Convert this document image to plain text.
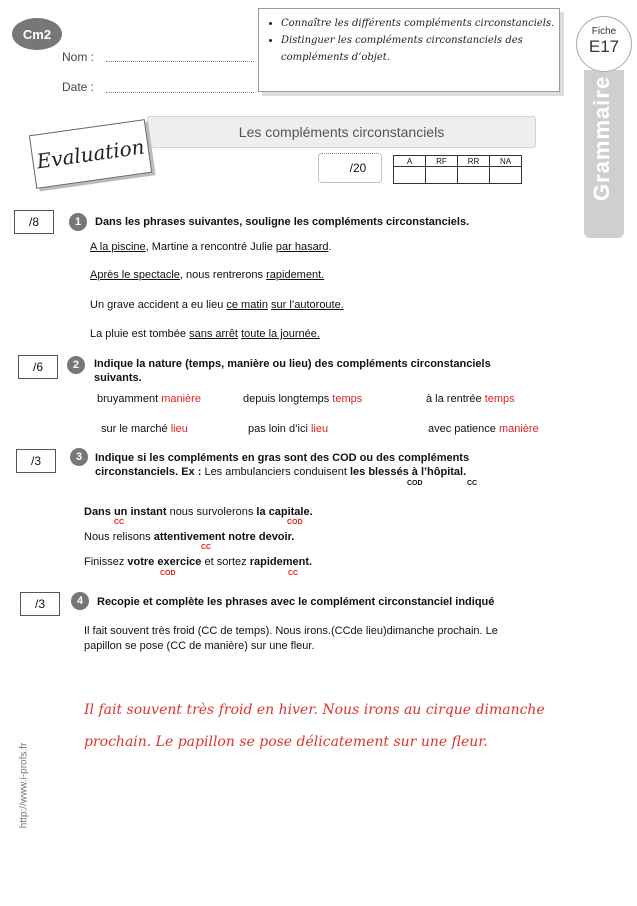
Cm2
Nom :
Date :
• Connaître les différents compléments circonstanciels.
• Distinguer les compléments circonstanciels des compléments d’objet.
Grammaire
Fiche
E17
Les compléments circonstanciels
Evaluation	/20	A	RF	RR	NA

/8	1	Dans les phrases suivantes, souligne les compléments circonstanciels.
A la piscine, Martine a rencontré Julie par hasard.
Après le spectacle, nous rentrerons rapidement.
Un grave accident a eu lieu ce matin sur l’autoroute.
La pluie est tombée sans arrêt toute la journée.
/6	2	Indique la nature (temps, manière ou lieu) des compléments circonstanciels
suivants.
bruyamment manière	depuis longtemps temps	à la rentrée temps
sur le marché lieu	pas loin d’ici lieu	avec patience manière
/3	3	Indique si les compléments en gras sont des COD ou des compléments
circonstanciels. Ex : Les ambulanciers conduisent les blessés à l’hôpital.
COD	CC
Dans un instant nous survolerons la capitale.
CC	COD
Nous relisons attentivement notre devoir.
CC
Finissez votre exercice et sortez rapidement.
COD	CC
/3	4	Recopie et complète les phrases avec le complément circonstanciel indiqué
Il fait souvent très froid (CC de temps). Nous irons.(CCde lieu)dimanche prochain. Le
papillon se pose (CC de manière) sur une fleur.
Il fait souvent très froid en hiver. Nous irons au cirque dimanche
prochain. Le papillon se pose délicatement sur une fleur.
http://www.i-profs.fr
